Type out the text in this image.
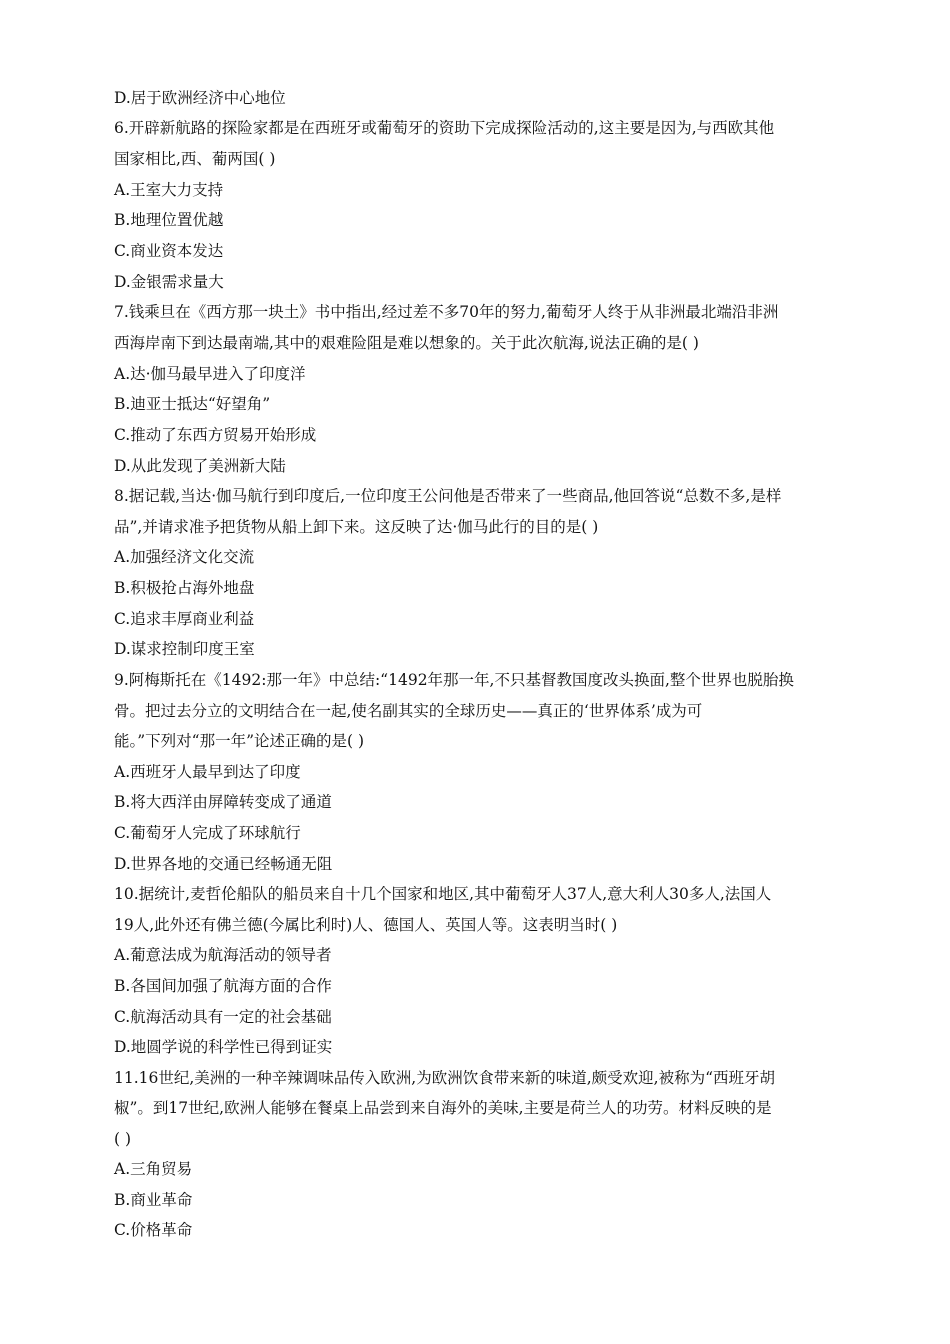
D.居于欧洲经济中心地位
6.开辟新航路的探险家都是在西班牙或葡萄牙的资助下完成探险活动的,这主要是因为,与西欧其他
国家相比,西、葡两国( )
A.王室大力支持
B.地理位置优越
C.商业资本发达
D.金银需求量大
7.钱乘旦在《西方那一块土》书中指出,经过差不多70年的努力,葡萄牙人终于从非洲最北端沿非洲
西海岸南下到达最南端,其中的艰难险阻是难以想象的。关于此次航海,说法正确的是( )
A.达·伽马最早进入了印度洋
B.迪亚士抵达“好望角”
C.推动了东西方贸易开始形成
D.从此发现了美洲新大陆
8.据记载,当达·伽马航行到印度后,一位印度王公问他是否带来了一些商品,他回答说“总数不多,是样
品”,并请求准予把货物从船上卸下来。这反映了达·伽马此行的目的是( )
A.加强经济文化交流
B.积极抢占海外地盘
C.追求丰厚商业利益
D.谋求控制印度王室
9.阿梅斯托在《1492:那一年》中总结:“1492年那一年,不只基督教国度改头换面,整个世界也脱胎换
骨。把过去分立的文明结合在一起,使名副其实的全球历史——真正的‘世界体系’成为可
能。”下列对“那一年”论述正确的是( )
A.西班牙人最早到达了印度
B.将大西洋由屏障转变成了通道
C.葡萄牙人完成了环球航行
D.世界各地的交通已经畅通无阻
10.据统计,麦哲伦船队的船员来自十几个国家和地区,其中葡萄牙人37人,意大利人30多人,法国人
19人,此外还有佛兰德(今属比利时)人、德国人、英国人等。这表明当时( )
A.葡意法成为航海活动的领导者
B.各国间加强了航海方面的合作
C.航海活动具有一定的社会基础
D.地圆学说的科学性已得到证实
11.16世纪,美洲的一种辛辣调味品传入欧洲,为欧洲饮食带来新的味道,颇受欢迎,被称为“西班牙胡
椒”。到17世纪,欧洲人能够在餐桌上品尝到来自海外的美味,主要是荷兰人的功劳。材料反映的是
( )
A.三角贸易
B.商业革命
C.价格革命
